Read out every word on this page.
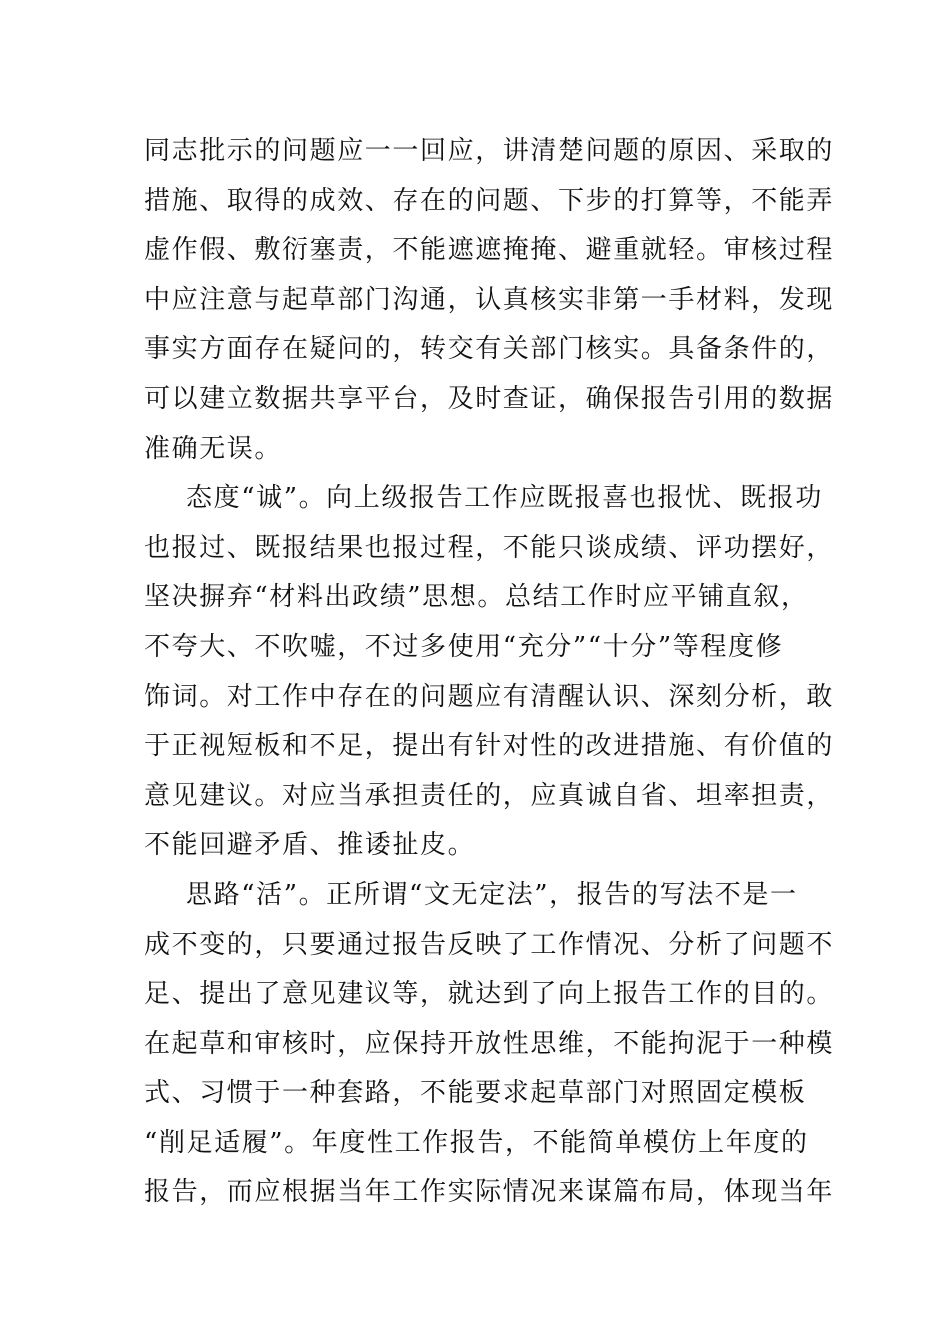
同志批示的问题应一一回应，讲清楚问题的原因、采取的
措施、取得的成效、存在的问题、下步的打算等，不能弄
虚作假、敷衍塞责，不能遮遮掩掩、避重就轻。审核过程
中应注意与起草部门沟通，认真核实非第一手材料，发现
事实方面存在疑问的，转交有关部门核实。具备条件的，
可以建立数据共享平台，及时查证，确保报告引用的数据
准确无误。
态度“诚”。向上级报告工作应既报喜也报忧、既报功
也报过、既报结果也报过程，不能只谈成绩、评功摆好，
坚决摒弃“材料出政绩”思想。总结工作时应平铺直叙，
不夸大、不吹嘘，不过多使用“充分”“十分”等程度修
饰词。对工作中存在的问题应有清醒认识、深刻分析，敢
于正视短板和不足，提出有针对性的改进措施、有价值的
意见建议。对应当承担责任的，应真诚自省、坦率担责，
不能回避矛盾、推诿扯皮。
思路“活”。正所谓“文无定法”，报告的写法不是一
成不变的，只要通过报告反映了工作情况、分析了问题不
足、提出了意见建议等，就达到了向上报告工作的目的。
在起草和审核时，应保持开放性思维，不能拘泥于一种模
式、习惯于一种套路，不能要求起草部门对照固定模板
“削足适履”。年度性工作报告，不能简单模仿上年度的
报告，而应根据当年工作实际情况来谋篇布局，体现当年
